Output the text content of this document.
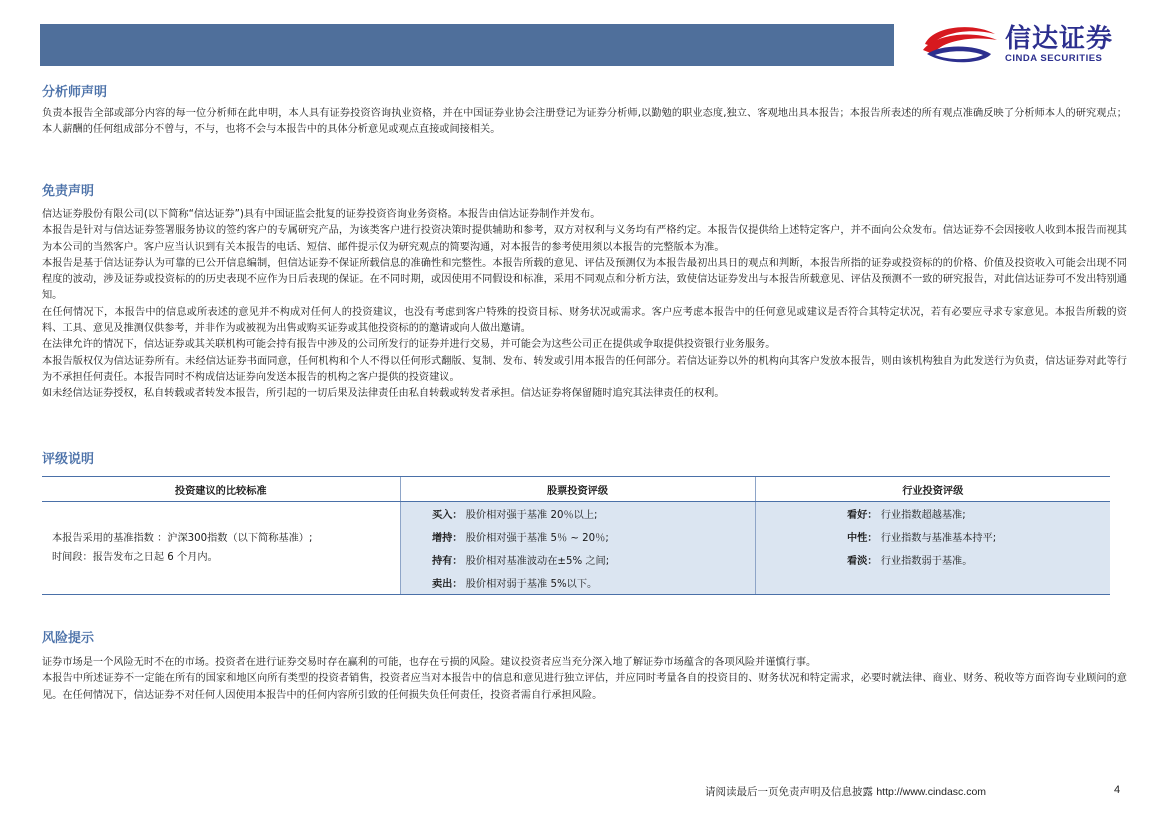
信达证券
CINDA SECURITIES
分析师声明

负责本报告全部或部分内容的每一位分析师在此申明，本人具有证券投资咨询执业资格，并在中国证券业协会注册登记为证券分析师,以勤勉的职业态度,独立、客观地出具本报告；本报告所表述的所有观点准确反映了分析师本人的研究观点；本人薪酬的任何组成部分不曾与，不与，也将不会与本报告中的具体分析意见或观点直接或间接相关。

免责声明

信达证券股份有限公司(以下简称“信达证券”)具有中国证监会批复的证券投资咨询业务资格。本报告由信达证券制作并发布。

本报告是针对与信达证券签署服务协议的签约客户的专属研究产品，为该类客户进行投资决策时提供辅助和参考，双方对权利与义务均有严格约定。本报告仅提供给上述特定客户，并不面向公众发布。信达证券不会因接收人收到本报告而视其为本公司的当然客户。客户应当认识到有关本报告的电话、短信、邮件提示仅为研究观点的简要沟通，对本报告的参考使用须以本报告的完整版本为准。

本报告是基于信达证券认为可靠的已公开信息编制，但信达证券不保证所载信息的准确性和完整性。本报告所载的意见、评估及预测仅为本报告最初出具日的观点和判断，本报告所指的证券或投资标的的价格、价值及投资收入可能会出现不同程度的波动，涉及证券或投资标的的历史表现不应作为日后表现的保证。在不同时期，或因使用不同假设和标准，采用不同观点和分析方法，致使信达证券发出与本报告所载意见、评估及预测不一致的研究报告，对此信达证券可不发出特别通知。

在任何情况下，本报告中的信息或所表述的意见并不构成对任何人的投资建议，也没有考虑到客户特殊的投资目标、财务状况或需求。客户应考虑本报告中的任何意见或建议是否符合其特定状况，若有必要应寻求专家意见。本报告所载的资料、工具、意见及推测仅供参考，并非作为或被视为出售或购买证券或其他投资标的的邀请或向人做出邀请。

在法律允许的情况下，信达证券或其关联机构可能会持有报告中涉及的公司所发行的证券并进行交易，并可能会为这些公司正在提供或争取提供投资银行业务服务。

本报告版权仅为信达证券所有。未经信达证券书面同意，任何机构和个人不得以任何形式翻版、复制、发布、转发或引用本报告的任何部分。若信达证券以外的机构向其客户发放本报告，则由该机构独自为此发送行为负责，信达证券对此等行为不承担任何责任。本报告同时不构成信达证券向发送本报告的机构之客户提供的投资建议。

如未经信达证券授权，私自转载或者转发本报告，所引起的一切后果及法律责任由私自转载或转发者承担。信达证券将保留随时追究其法律责任的权利。

评级说明
投资建议的比较标准	股票投资评级	行业投资评级

本报告采用的基准指数 ：沪深300指数（以下简称基准）;
时间段：报告发布之日起 6 个月内。	买入： 股价相对强于基准 20％以上;	看好： 行业指数超越基准;
	增持： 股价相对强于基准 5％ ~ 20％;	中性： 行业指数与基准基本持平;
	持有： 股价相对基准波动在±5% 之间;	看淡： 行业指数弱于基准。
	卖出： 股价相对弱于基准 5%以下。	
风险提示

证券市场是一个风险无时不在的市场。投资者在进行证券交易时存在赢利的可能，也存在亏损的风险。建议投资者应当充分深入地了解证券市场蕴含的各项风险并谨慎行事。

本报告中所述证券不一定能在所有的国家和地区向所有类型的投资者销售，投资者应当对本报告中的信息和意见进行独立评估，并应同时考量各自的投资目的、财务状况和特定需求，必要时就法律、商业、财务、税收等方面咨询专业顾问的意见。在任何情况下，信达证券不对任何人因使用本报告中的任何内容所引致的任何损失负任何责任，投资者需自行承担风险。

请阅读最后一页免责声明及信息披露 http://www.cindasc.com	4
